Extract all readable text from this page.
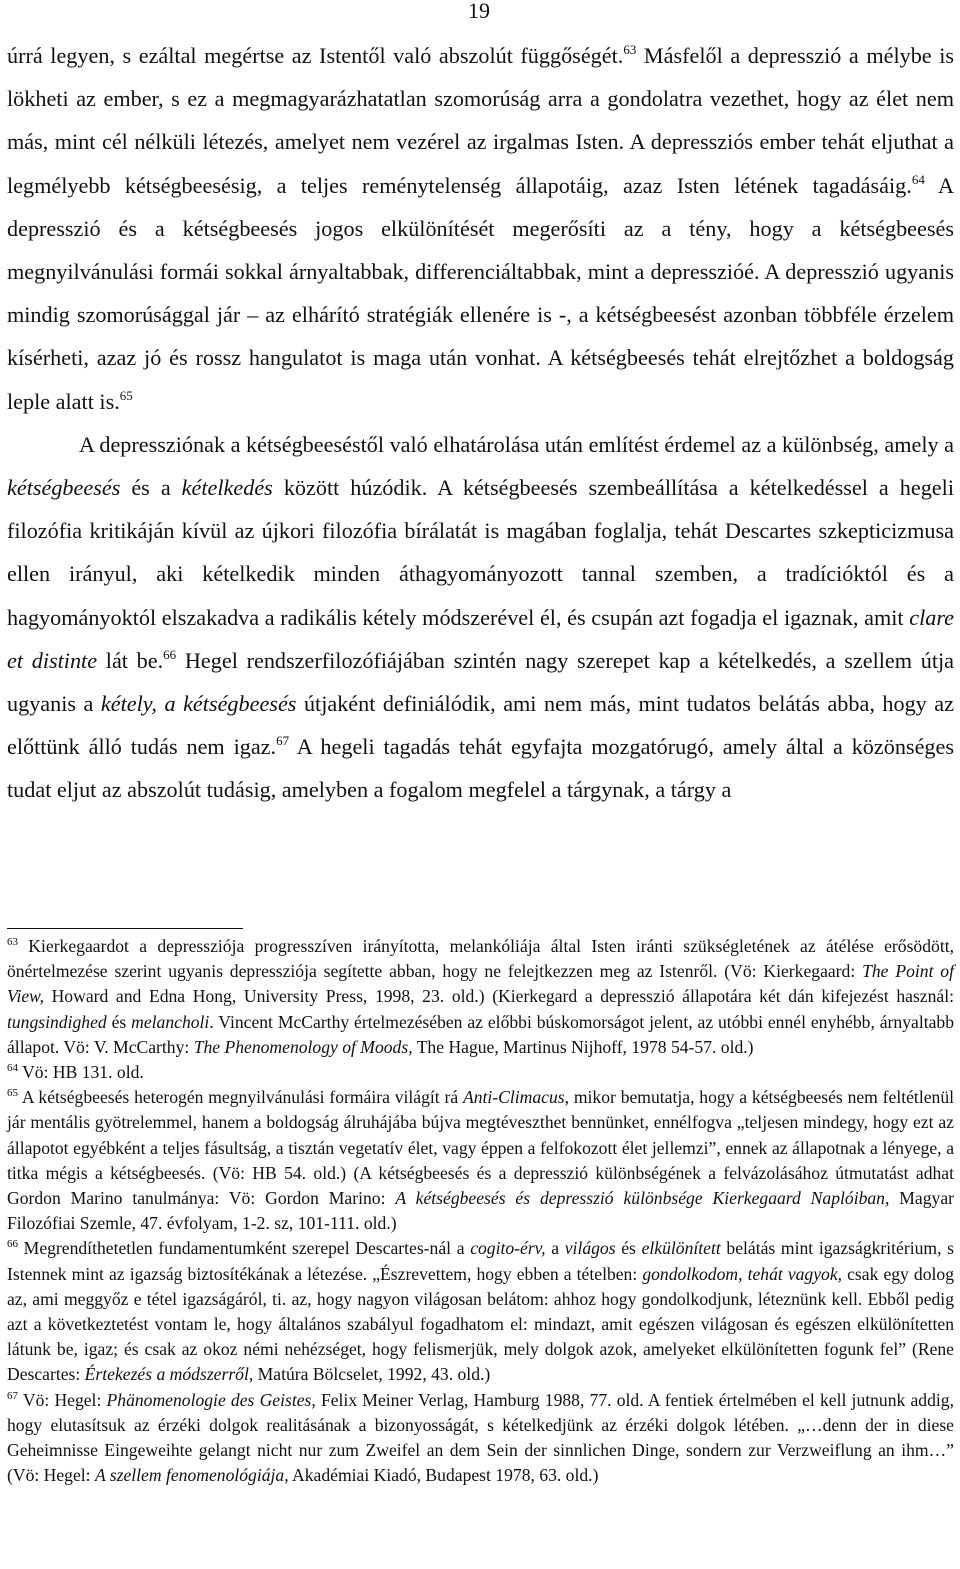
19

úrrá legyen, s ezáltal megértse az Istentől való abszolút függőségét.$^{63}$ Másfelől a depresszió a mélybe is lökheti az ember, s ez a megmagyarázhatatlan szomorúság arra a gondolatra vezethet, hogy az élet nem más, mint cél nélküli létezés, amelyet nem vezérel az irgalmas Isten. A depressziós ember tehát eljuthat a legmélyebb kétségbeesésig, a teljes reménytelenség állapotáig, azaz Isten létének tagadásáig.$^{64}$ A depresszió és a kétségbeesés jogos elkülönítését megerősíti az a tény, hogy a kétségbeesés megnyilvánulási formái sokkal árnyaltabbak, differenciáltabbak, mint a depresszióé. A depresszió ugyanis mindig szomorúsággal jár – az elhárító stratégiák ellenére is -, a kétségbeesést azonban többféle érzelem kísérheti, azaz jó és rossz hangulatot is maga után vonhat. A kétségbeesés tehát elrejtőzhet a boldogság leple alatt is.$^{65}$

A depressziónak a kétségbeeséstől való elhatárolása után említést érdemel az a különbség, amely a kétségbeesés és a kételkedés között húzódik. A kétségbeesés szembeállítása a kételkedéssel a hegeli filozófia kritikáján kívül az újkori filozófia bírálatát is magában foglalja, tehát Descartes szkepticizmusa ellen irányul, aki kételkedik minden áthagyományozott tannal szemben, a tradícióktól és a hagyományoktól elszakadva a radikális kétely módszerével él, és csupán azt fogadja el igaznak, amit clare et distinte lát be.$^{66}$ Hegel rendszerfilozófiájában szintén nagy szerepet kap a kételkedés, a szellem útja ugyanis a kétely, a kétségbeesés útjaként definiálódik, ami nem más, mint tudatos belátás abba, hogy az előttünk álló tudás nem igaz.$^{67}$ A hegeli tagadás tehát egyfajta mozgatórugó, amely által a közönséges tudat eljut az abszolút tudásig, amelyben a fogalom megfelel a tárgynak, a tárgy a

$^{63}$ Kierkegaardot a depressziója progresszíven irányította, melankóliája által Isten iránti szükségletének az átélése erősödött, önértelmezése szerint ugyanis depressziója segítette abban, hogy ne felejtkezzen meg az Istenről. (Vö: Kierkegaard: The Point of View, Howard and Edna Hong, University Press, 1998, 23. old.) (Kierkegard a depresszió állapotára két dán kifejezést használ: tungsindighed és melancholi. Vincent McCarthy értelmezésében az előbbi búskomorságot jelent, az utóbbi ennél enyhébb, árnyaltabb állapot. Vö: V. McCarthy: The Phenomenology of Moods, The Hague, Martinus Nijhoff, 1978 54-57. old.)

$^{64}$ Vö: HB 131. old.

$^{65}$ A kétségbeesés heterogén megnyilvánulási formáira világít rá Anti-Climacus, mikor bemutatja, hogy a kétségbeesés nem feltétlenül jár mentális gyötrelemmel, hanem a boldogság álruhájába bújva megtéveszthet bennünket, ennélfogva „teljesen mindegy, hogy ezt az állapotot egyébként a teljes fásultság, a tisztán vegetatív élet, vagy éppen a felfokozott élet jellemzi”, ennek az állapotnak a lényege, a titka mégis a kétségbeesés. (Vö: HB 54. old.) (A kétségbeesés és a depresszió különbségének a felvázolásához útmutatást adhat Gordon Marino tanulmánya: Vö: Gordon Marino: A kétségbeesés és depresszió különbsége Kierkegaard Naplóiban, Magyar Filozófiai Szemle, 47. évfolyam, 1-2. sz, 101-111. old.)

$^{66}$ Megrendíthetetlen fundamentumként szerepel Descartes-nál a cogito-érv, a világos és elkülönített belátás mint igazságkritérium, s Istennek mint az igazság biztosítékának a létezése. „Észrevettem, hogy ebben a tételben: gondolkodom, tehát vagyok, csak egy dolog az, ami meggyőz e tétel igazságáról, ti. az, hogy nagyon világosan belátom: ahhoz hogy gondolkodjunk, léteznünk kell. Ebből pedig azt a következtetést vontam le, hogy általános szabályul fogadhatom el: mindazt, amit egészen világosan és egészen elkülönítetten látunk be, igaz; és csak az okoz némi nehézséget, hogy felismerjük, mely dolgok azok, amelyeket elkülönítetten fogunk fel” (Rene Descartes: Értekezés a módszerről, Matúra Bölcselet, 1992, 43. old.)

$^{67}$ Vö: Hegel: Phänomenologie des Geistes, Felix Meiner Verlag, Hamburg 1988, 77. old. A fentiek értelmében el kell jutnunk addig, hogy elutasítsuk az érzéki dolgok realitásának a bizonyosságát, s kételkedjünk az érzéki dolgok létében. „…denn der in diese Geheimnisse Eingeweihte gelangt nicht nur zum Zweifel an dem Sein der sinnlichen Dinge, sondern zur Verzweiflung an ihm…” (Vö: Hegel: A szellem fenomenológiája, Akadémiai Kiadó, Budapest 1978, 63. old.)
